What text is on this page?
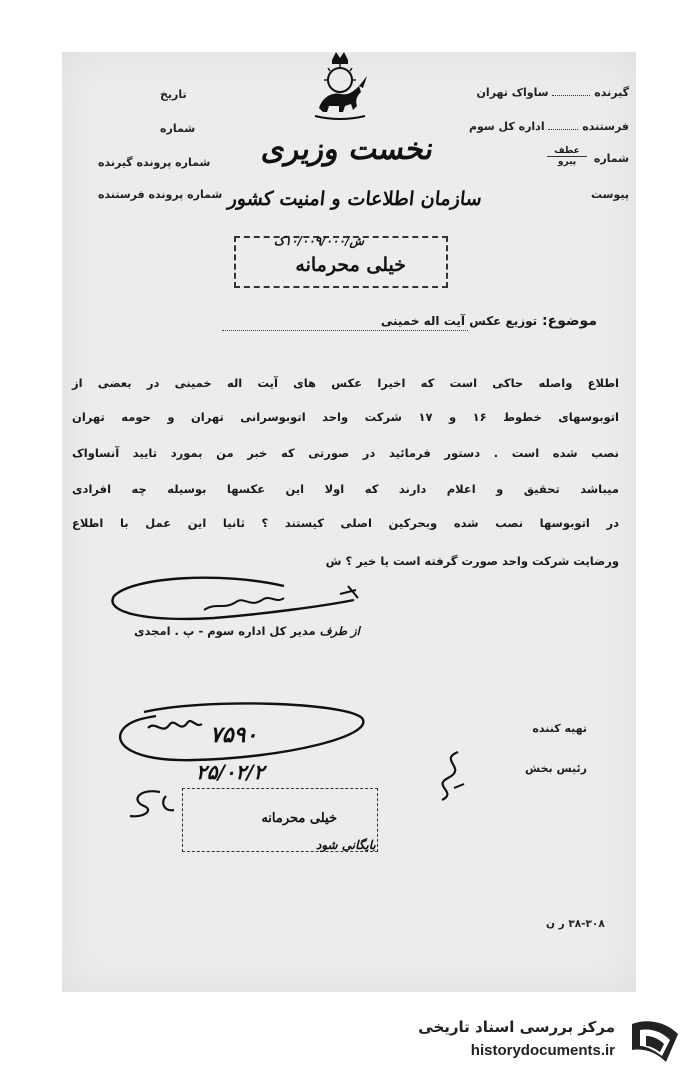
گیرنده  ساواک تهران
فرستنده  اداره کل سوم
شماره
عطف
پیرو
پیوست
تاریخ
شماره
شماره پرونده گیرنده
شماره پرونده فرستنده
نخست وزیری
سازمان اطلاعات و امنیت کشور
ش/۱۰/۰۰۹/۰۰۰ک
خیلی محرمانه
موضوع: توزیع عکس آیت اله خمینی
اطلاع واصله حاکی است که اخیرا عکس های آیت اله خمینی در بعضی از
اتوبوسهای خطوط ۱۶ و ۱۷ شرکت واحد اتوبوسرانی تهران و حومه تهران
نصب شده است . دستور فرمائید در صورتی که خبر من بمورد تایید آنساواک
میباشد تحقیق و اعلام دارند که اولا این عکسها بوسیله چه افرادی
در اتوبوسها نصب شده وبحرکین اصلی کیستند ؟ ثانیا این عمل با اطلاع
ورضایت شرکت واحد صورت گرفته است یا خیر ؟ ش
از طرف مدیر کل اداره سوم - پ . امجدی
تهیه کننده
رئیس بخش
۷۵۹۰
۲۵/۰۲/۲
خیلی محرمانه
بایگانی شود
۳۸-۳۰۸ ر ن
مرکز بررسی اسناد تاریخی
historydocuments.ir
